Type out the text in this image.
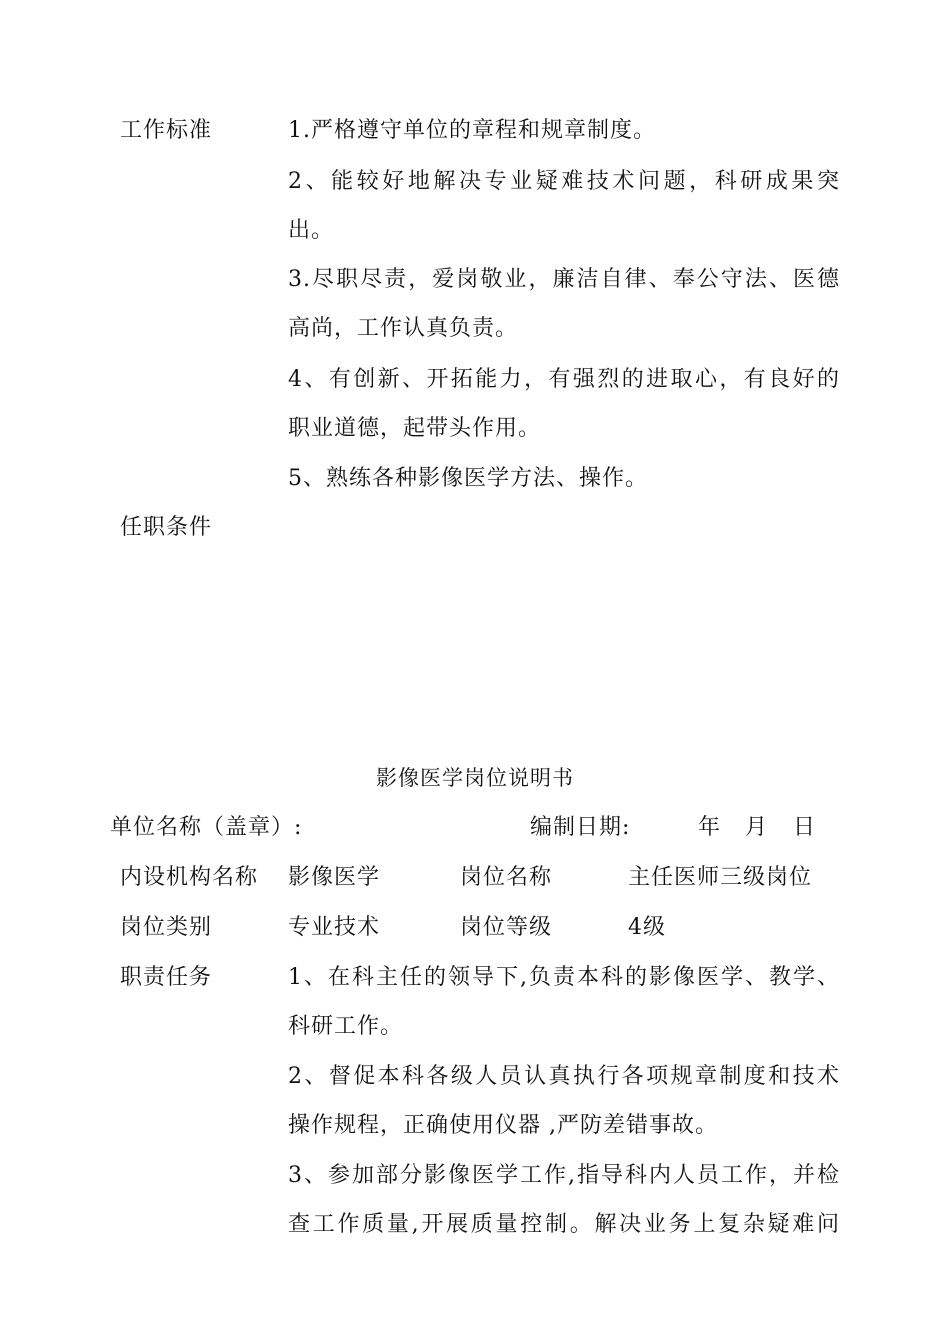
工作标准	1.严格遵守单位的章程和规章制度。
2、能较好地解决专业疑难技术问题，科研成果突
出。
3.尽职尽责，爱岗敬业，廉洁自律、奉公守法、医德
高尚，工作认真负责。
4、有创新、开拓能力，有强烈的进取心，有良好的
职业道德，起带头作用。
5、熟练各种影像医学方法、操作。
任职条件
影像医学岗位说明书
单位名称（盖章）:	编制日期:	年 月 日
内设机构名称 影像医学	岗位名称	主任医师三级岗位
岗位类别	专业技术	岗位等级	4级
职责任务	1、在科主任的领导下,负责本科的影像医学、教学、
科研工作。
2、督促本科各级人员认真执行各项规章制度和技术
操作规程，正确使用仪器 ,严防差错事故。
3、参加部分影像医学工作,指导科内人员工作，并检
查工作质量,开展质量控制。解决业务上复杂疑难问
